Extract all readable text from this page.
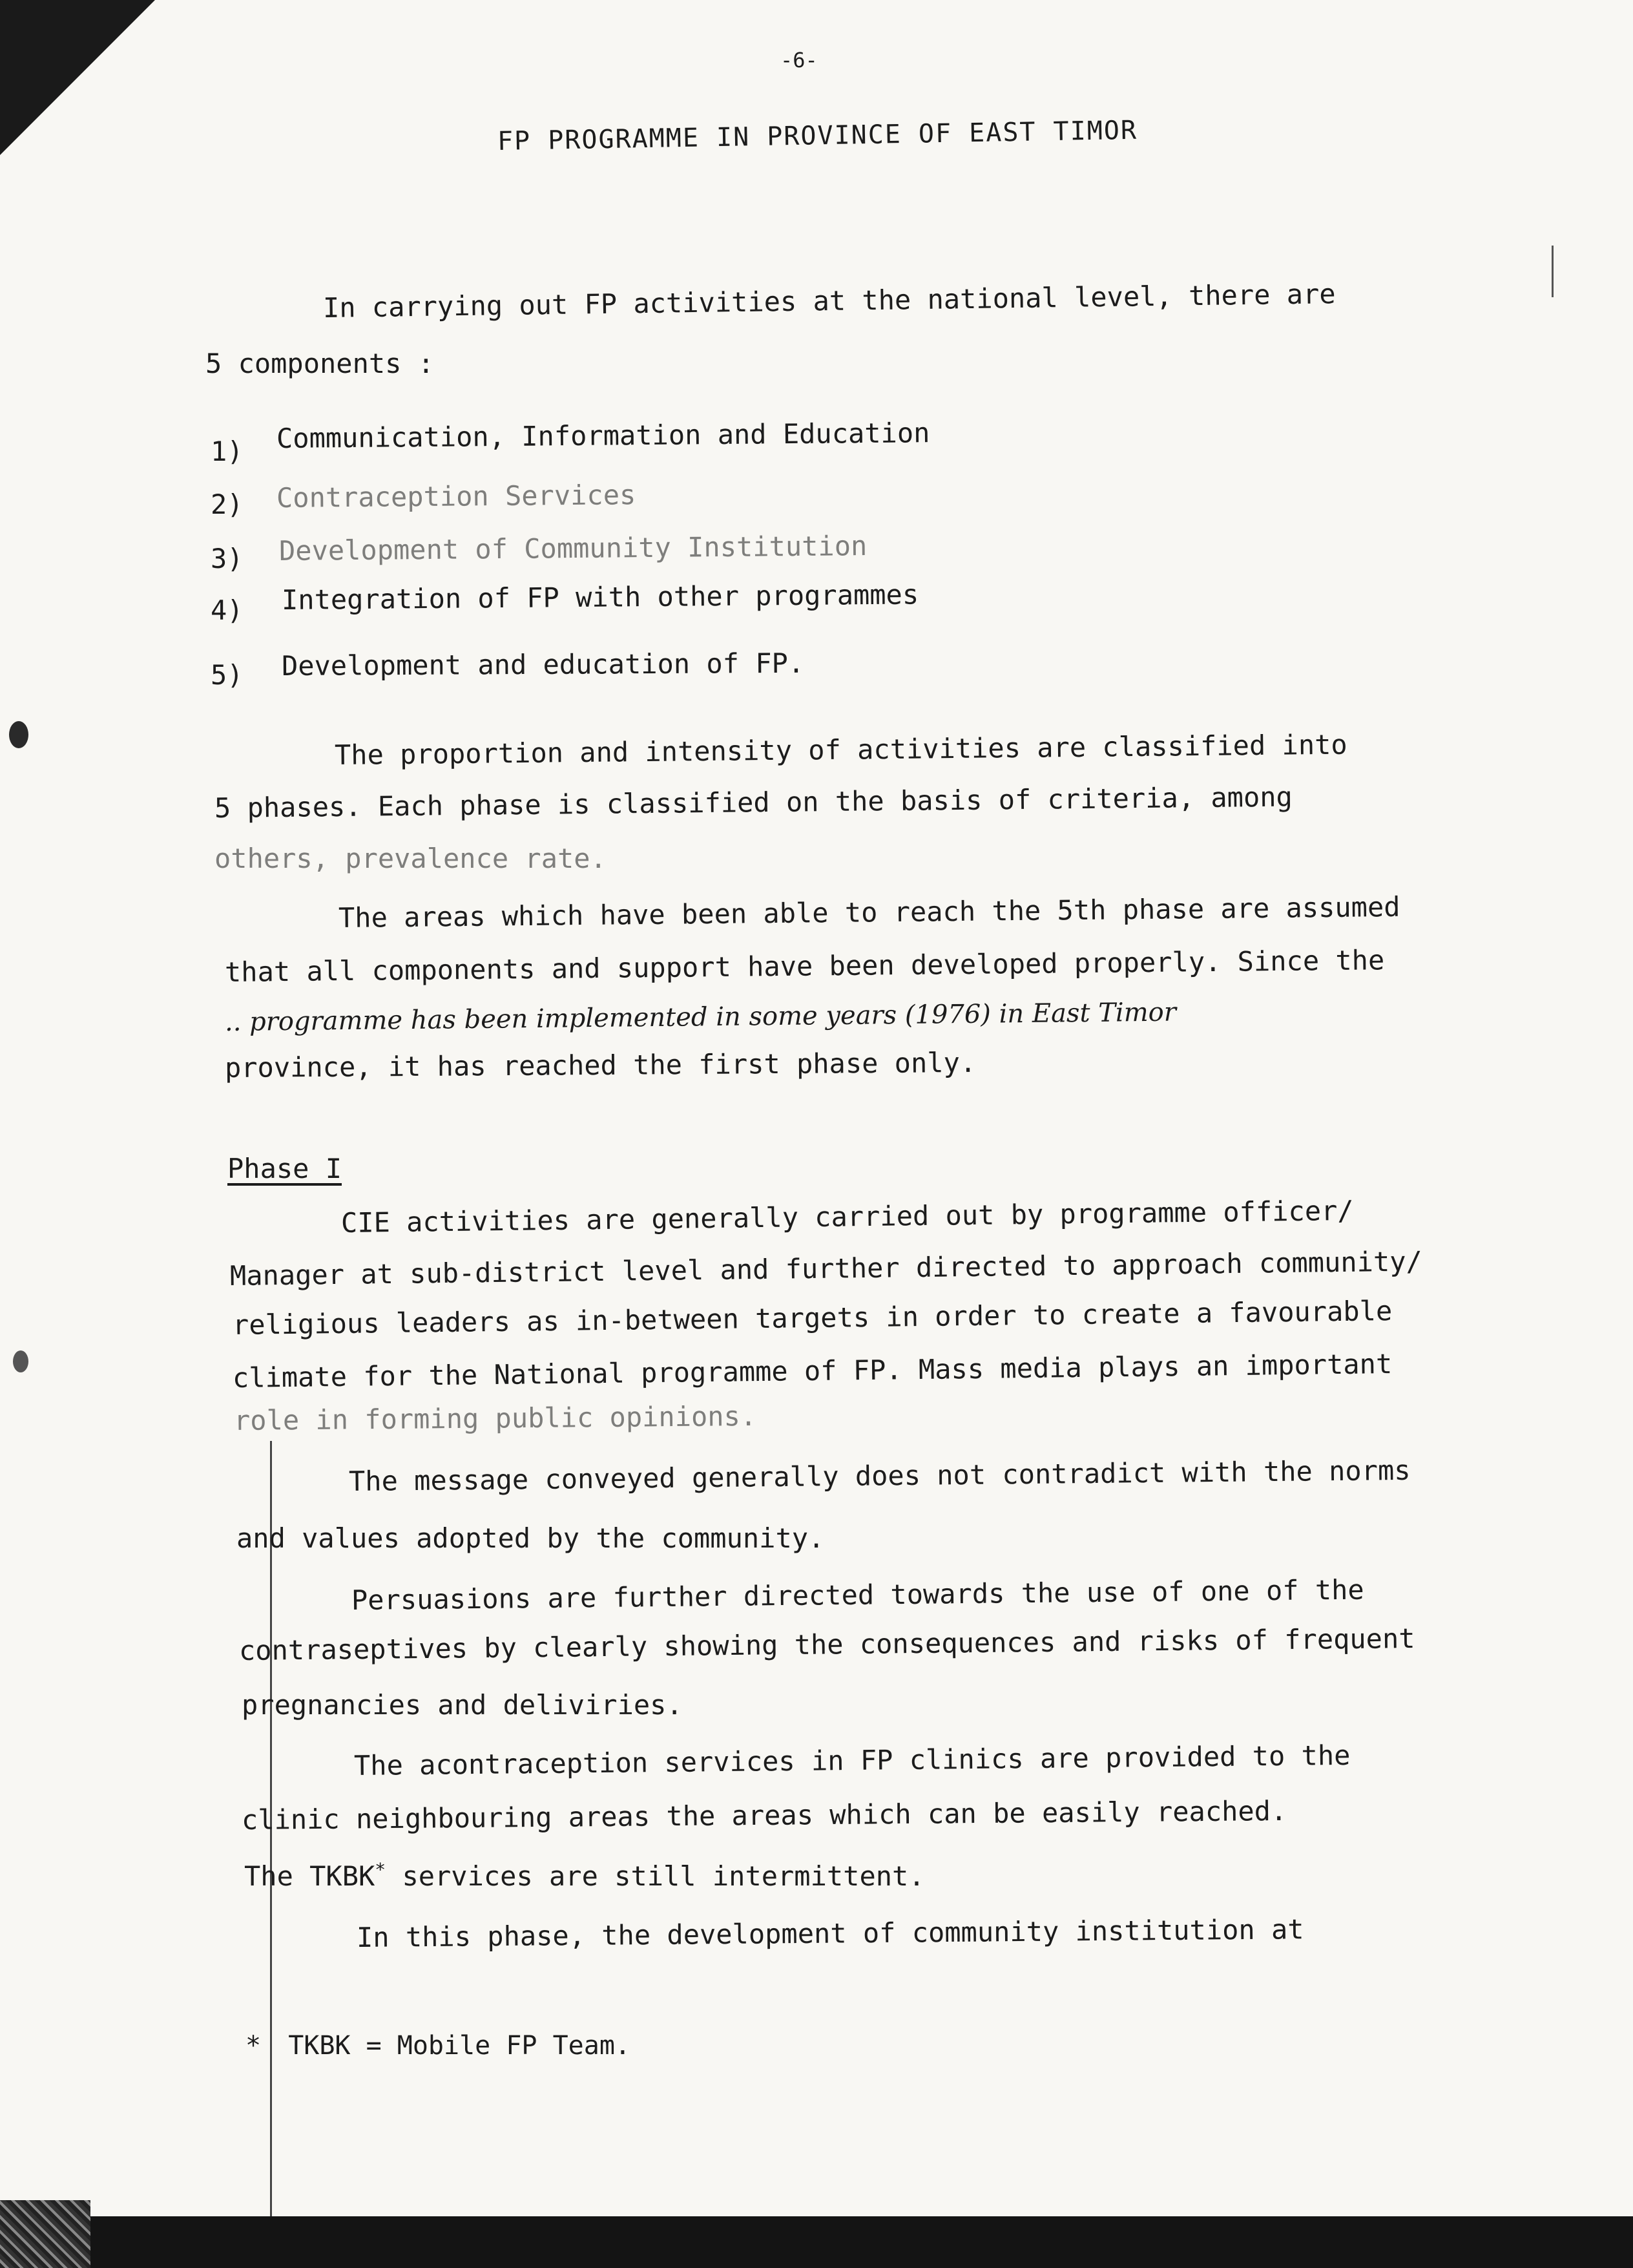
-6-
FP PROGRAMME IN PROVINCE OF EAST TIMOR
In carrying out FP activities at the national level, there are
5 components :
1) Communication, Information and Education
2) Contraception Services
3) Development of Community Institution
4) Integration of FP with other programmes
5) Development and education of FP.
The proportion and intensity of activities are classified into
5 phases. Each phase is classified on the basis of criteria, among
others, prevalence rate.
The areas which have been able to reach the 5th phase are assumed
that all components and support have been developed properly. Since the
.. programme has been implemented in some years (1976) in East Timor
province, it has reached the first phase only.
Phase I
CIE activities are generally carried out by programme officer/
Manager at sub-district level and further directed to approach community/
religious leaders as in-between targets in order to create a favourable
climate for the National programme of FP. Mass media plays an important
role in forming public opinions.
The message conveyed generally does not contradict with the norms
and values adopted by the community.
Persuasions are further directed towards the use of one of the
contraseptives by clearly showing the consequences and risks of frequent
pregnancies and deliviries.
The acontraception services in FP clinics are provided to the
clinic neighbouring areas the areas which can be easily reached.
The TKBK* services are still intermittent.
In this phase, the development of community institution at
* TKBK = Mobile FP Team.
